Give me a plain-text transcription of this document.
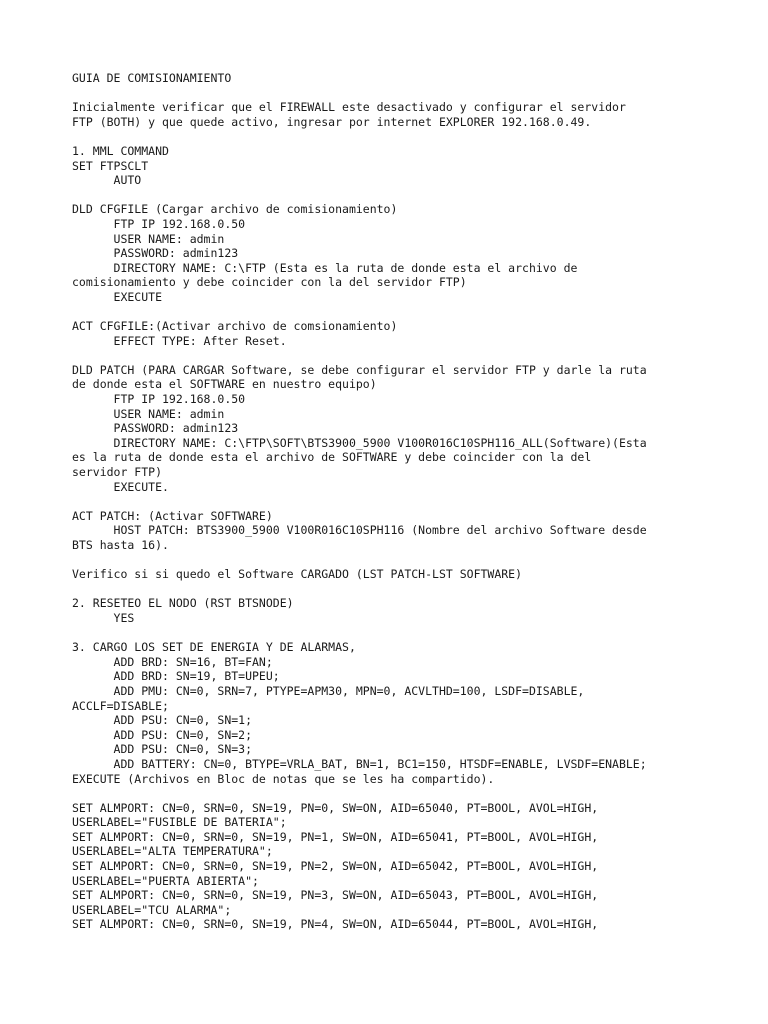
GUIA DE COMISIONAMIENTO
Inicialmente verificar que el FIREWALL este desactivado y configurar el servidor
FTP (BOTH) y que quede activo, ingresar por internet EXPLORER 192.168.0.49.
1. MML COMMAND
SET FTPSCLT
AUTO
DLD CFGFILE (Cargar archivo de comisionamiento)
FTP IP 192.168.0.50
USER NAME: admin
PASSWORD: admin123
DIRECTORY NAME: C:\FTP (Esta es la ruta de donde esta el archivo de
comisionamiento y debe coincider con la del servidor FTP)
EXECUTE
ACT CFGFILE:(Activar archivo de comsionamiento)
EFFECT TYPE: After Reset.
DLD PATCH (PARA CARGAR Software, se debe configurar el servidor FTP y darle la ruta
de donde esta el SOFTWARE en nuestro equipo)
FTP IP 192.168.0.50
USER NAME: admin
PASSWORD: admin123
DIRECTORY NAME: C:\FTP\SOFT\BTS3900_5900 V100R016C10SPH116_ALL(Software)(Esta
es la ruta de donde esta el archivo de SOFTWARE y debe coincider con la del
servidor FTP)
EXECUTE.
ACT PATCH: (Activar SOFTWARE)
HOST PATCH: BTS3900_5900 V100R016C10SPH116 (Nombre del archivo Software desde
BTS hasta 16).
Verifico si si quedo el Software CARGADO (LST PATCH-LST SOFTWARE)
2. RESETEO EL NODO (RST BTSNODE)
YES
3. CARGO LOS SET DE ENERGIA Y DE ALARMAS,
ADD BRD: SN=16, BT=FAN;
ADD BRD: SN=19, BT=UPEU;
ADD PMU: CN=0, SRN=7, PTYPE=APM30, MPN=0, ACVLTHD=100, LSDF=DISABLE,
ACCLF=DISABLE;
ADD PSU: CN=0, SN=1;
ADD PSU: CN=0, SN=2;
ADD PSU: CN=0, SN=3;
ADD BATTERY: CN=0, BTYPE=VRLA_BAT, BN=1, BC1=150, HTSDF=ENABLE, LVSDF=ENABLE;
EXECUTE (Archivos en Bloc de notas que se les ha compartido).
SET ALMPORT: CN=0, SRN=0, SN=19, PN=0, SW=ON, AID=65040, PT=BOOL, AVOL=HIGH,
USERLABEL="FUSIBLE DE BATERIA";
SET ALMPORT: CN=0, SRN=0, SN=19, PN=1, SW=ON, AID=65041, PT=BOOL, AVOL=HIGH,
USERLABEL="ALTA TEMPERATURA";
SET ALMPORT: CN=0, SRN=0, SN=19, PN=2, SW=ON, AID=65042, PT=BOOL, AVOL=HIGH,
USERLABEL="PUERTA ABIERTA";
SET ALMPORT: CN=0, SRN=0, SN=19, PN=3, SW=ON, AID=65043, PT=BOOL, AVOL=HIGH,
USERLABEL="TCU ALARMA";
SET ALMPORT: CN=0, SRN=0, SN=19, PN=4, SW=ON, AID=65044, PT=BOOL, AVOL=HIGH,
